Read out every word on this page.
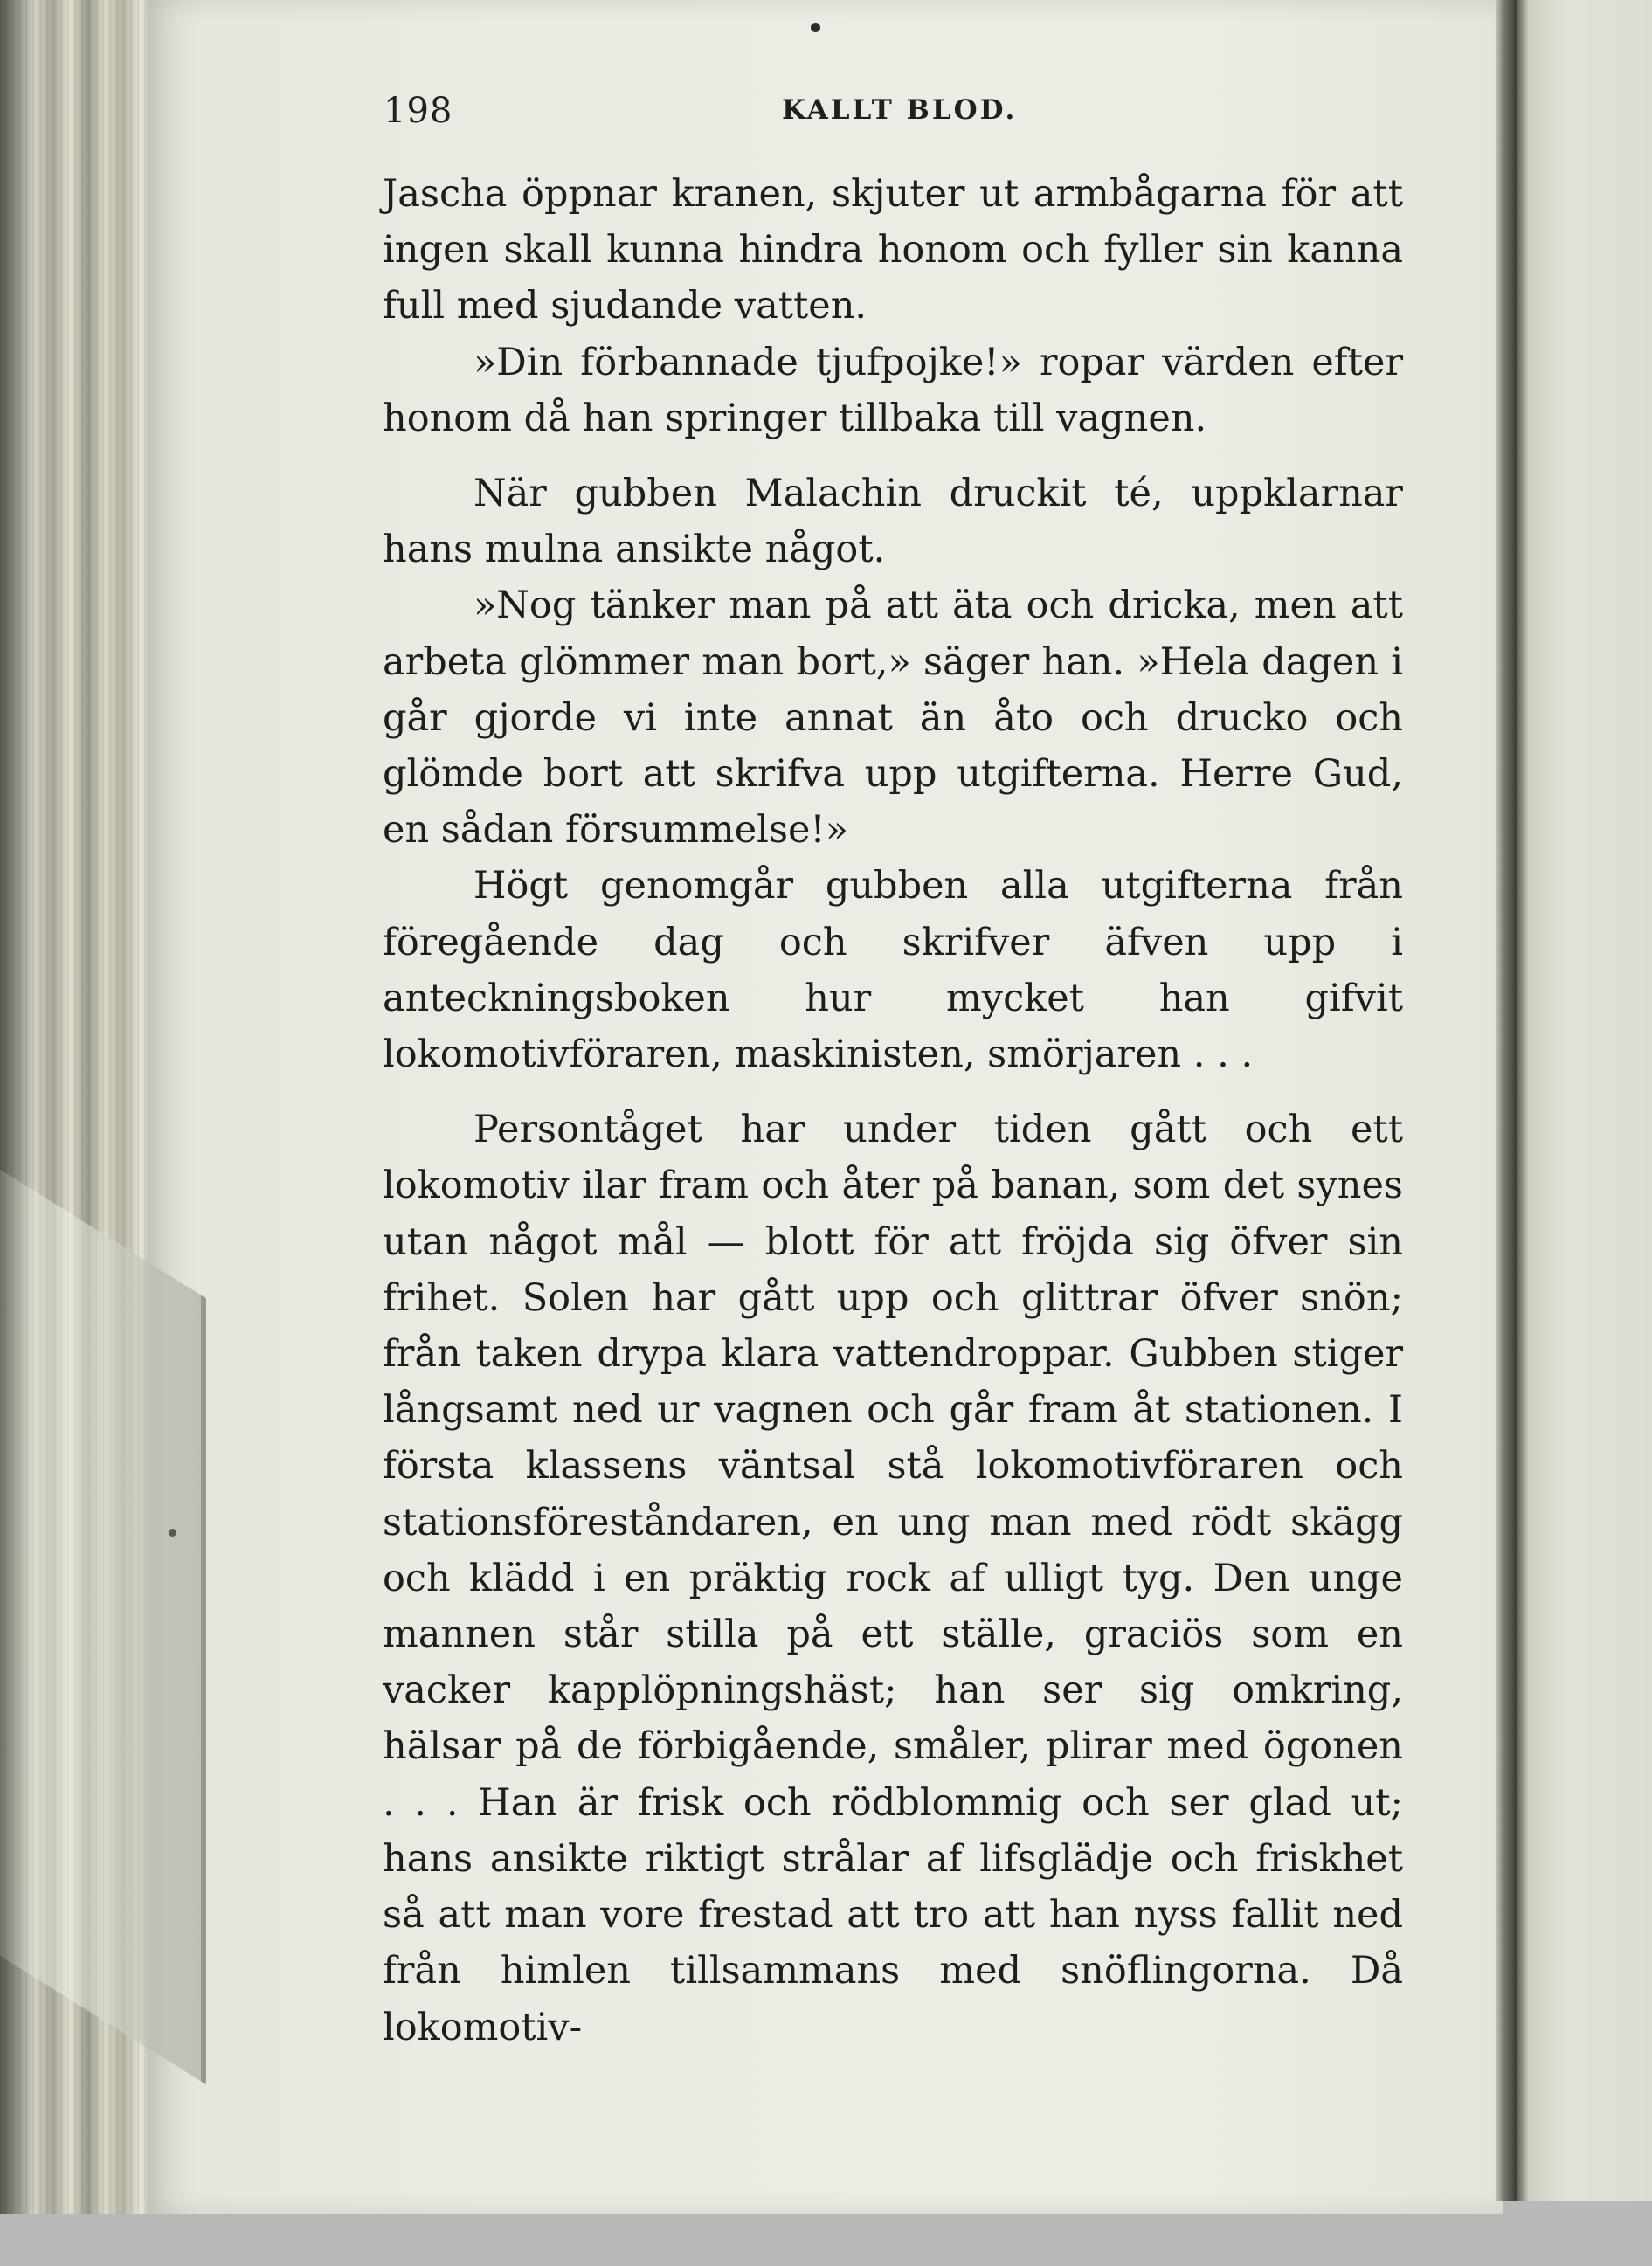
198	KALLT BLOD.

Jascha öppnar kranen, skjuter ut armbågarna för att ingen skall kunna hindra honom och fyller sin kanna full med sjudande vatten.

»Din förbannade tjufpojke!» ropar värden efter honom då han springer tillbaka till vagnen.

När gubben Malachin druckit té, uppklarnar hans mulna ansikte något.

»Nog tänker man på att äta och dricka, men att arbeta glömmer man bort,» säger han. »Hela dagen i går gjorde vi inte annat än åto och drucko och glömde bort att skrifva upp utgifterna. Herre Gud, en sådan försummelse!»

Högt genomgår gubben alla utgifterna från föregående dag och skrifver äfven upp i anteckningsboken hur mycket han gifvit lokomotivföraren, maskinisten, smörjaren . . .

Persontåget har under tiden gått och ett lokomotiv ilar fram och åter på banan, som det synes utan något mål — blott för att fröjda sig öfver sin frihet. Solen har gått upp och glittrar öfver snön; från taken drypa klara vattendroppar. Gubben stiger långsamt ned ur vagnen och går fram åt stationen. I första klassens väntsal stå lokomotivföraren och stationsföreståndaren, en ung man med rödt skägg och klädd i en präktig rock af ulligt tyg. Den unge mannen står stilla på ett ställe, graciös som en vacker kapplöpningshäst; han ser sig omkring, hälsar på de förbigående, småler, plirar med ögonen . . . Han är frisk och rödblommig och ser glad ut; hans ansikte riktigt strålar af lifsglädje och friskhet så att man vore frestad att tro att han nyss fallit ned från himlen tillsammans med snöflingorna. Då lokomotiv-
